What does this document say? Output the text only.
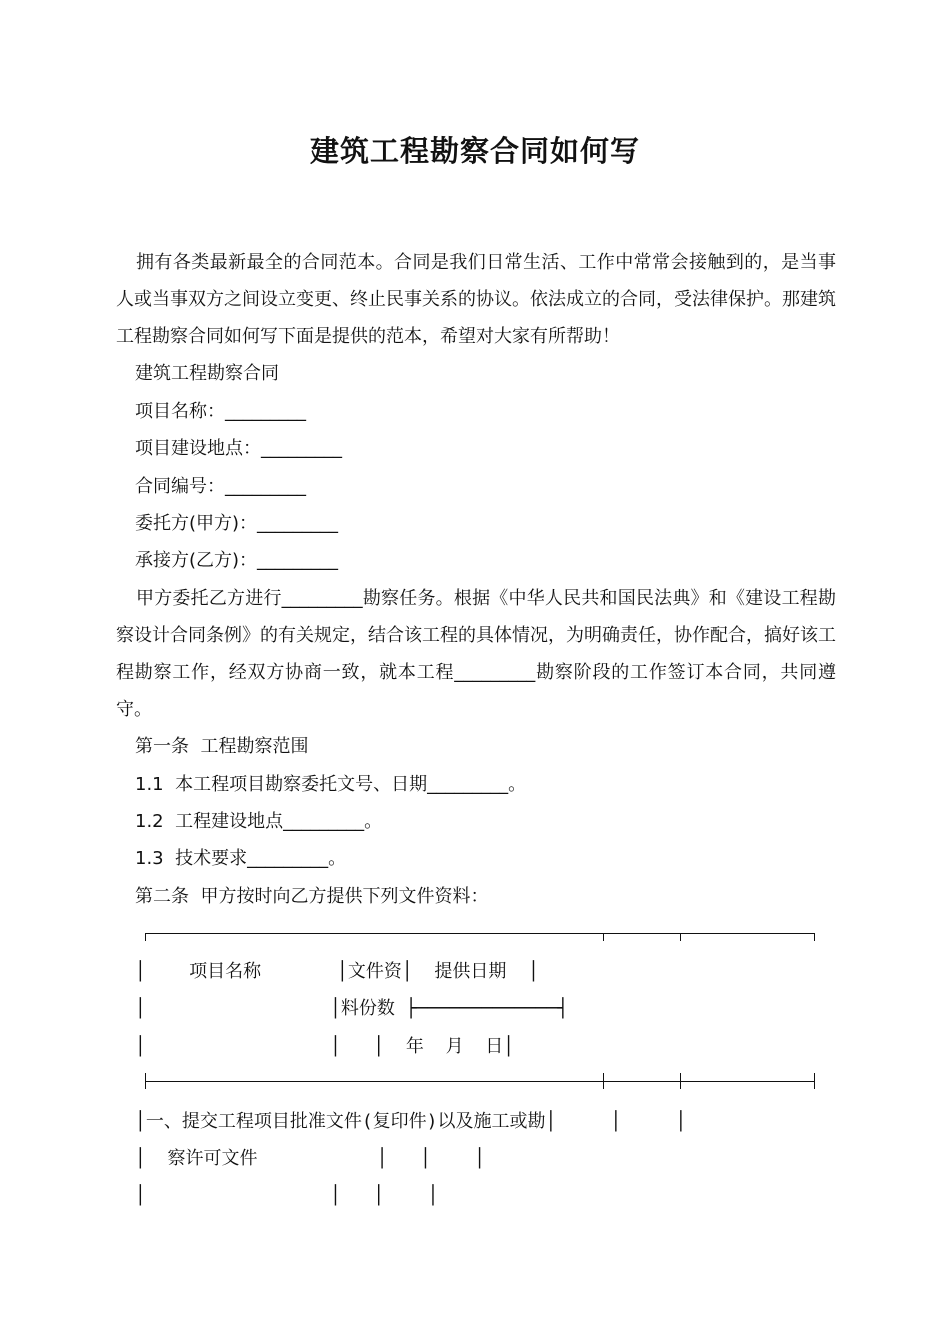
建筑工程勘察合同如何写
拥有各类最新最全的合同范本。合同是我们日常生活、工作中常常会接触到的，是当事人或当事双方之间设立变更、终止民事关系的协议。依法成立的合同，受法律保护。那建筑工程勘察合同如何写下面是提供的范本，希望对大家有所帮助！
建筑工程勘察合同
项目名称：_________
项目建设地点：_________
合同编号：_________
委托方(甲方)：_________
承接方(乙方)：_________
甲方委托乙方进行_________勘察任务。根据《中华人民共和国民法典》和《建设工程勘察设计合同条例》的有关规定，结合该工程的具体情况，为明确责任，协作配合，搞好该工程勘察工作，经双方协商一致，就本工程_________勘察阶段的工作签订本合同，共同遵守。
第一条  工程勘察范围
1.1  本工程项目勘察委托文号、日期_________。
1.2  工程建设地点_________。
1.3  技术要求_________。
第二条  甲方按时向乙方提供下列文件资料：
│    项目名称       │文件资│  提供日期  │
│                 │料份数 ├─────────────┤
│                 │   │  年  月  日│
│一、提交工程项目批准文件(复印件)以及施工或勘│     │     │
│  察许可文件           │   │    │
│                 │   │    │
